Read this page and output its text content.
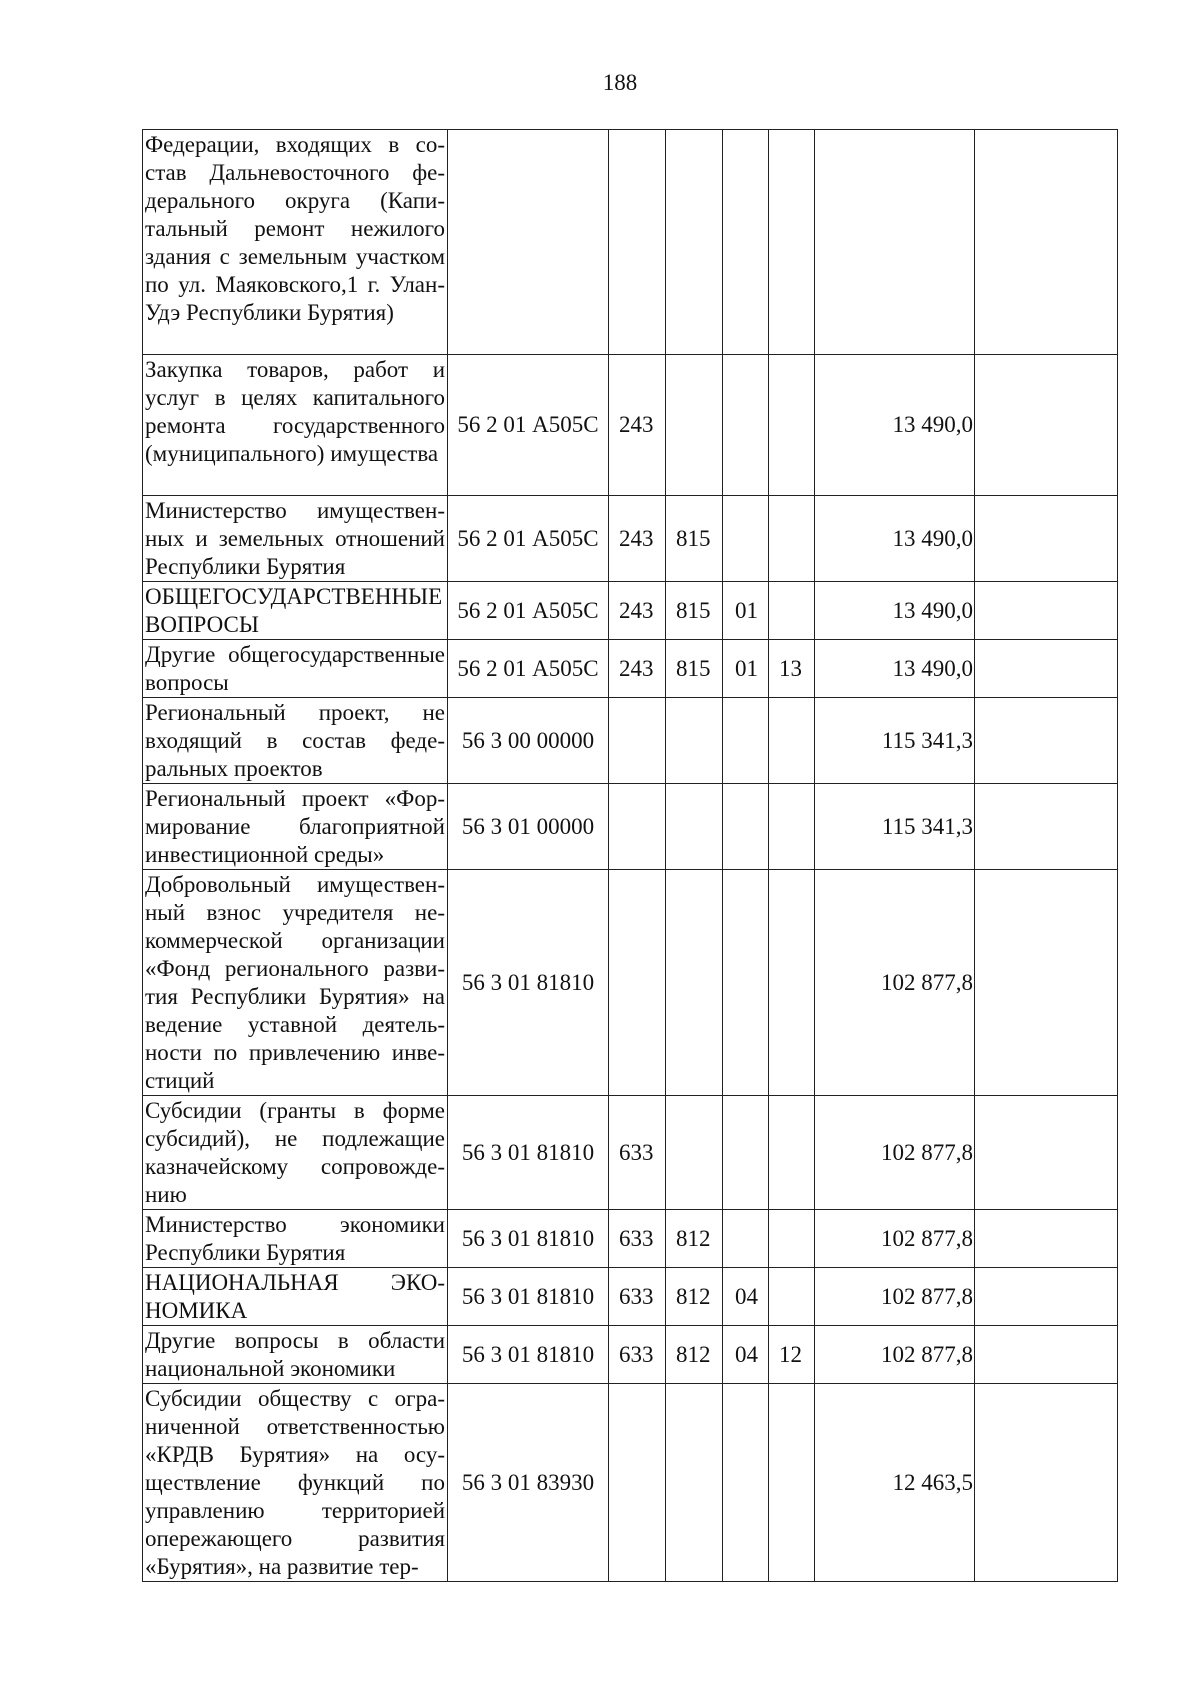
188
Федерации, входящих в состав Дальневосточного федерального округа (Капитальный ремонт нежилого здания с земельным участком по ул. Маяковского,1 г. Улан-Удэ Республики Бурятия)							
Закупка товаров, работ и услуг в целях капитального ремонта государственного (муниципального) имущества	56 2 01 А505С	243				13 490,0	
Министерство имущественных и земельных отношений Республики Бурятия	56 2 01 А505С	243	815			13 490,0	
ОБЩЕГОСУДАРСТВЕННЫЕ ВОПРОСЫ	56 2 01 А505С	243	815	01		13 490,0	
Другие общегосударственные вопросы	56 2 01 А505С	243	815	01	13	13 490,0	
Региональный проект, не входящий в состав федеральных проектов	56 3 00 00000					115 341,3	
Региональный проект «Формирование благоприятной инвестиционной среды»	56 3 01 00000					115 341,3	
Добровольный имущественный взнос учредителя некоммерческой организации «Фонд регионального развития Республики Бурятия» на ведение уставной деятельности по привлечению инвестиций	56 3 01 81810					102 877,8	
Субсидии (гранты в форме субсидий), не подлежащие казначейскому сопровождению	56 3 01 81810	633				102 877,8	
Министерство экономики Республики Бурятия	56 3 01 81810	633	812			102 877,8	
НАЦИОНАЛЬНАЯ ЭКОНОМИКА	56 3 01 81810	633	812	04		102 877,8	
Другие вопросы в области национальной экономики	56 3 01 81810	633	812	04	12	102 877,8	
Субсидии обществу с ограниченной ответственностью «КРДВ Бурятия» на осуществление функций по управлению территорией опережающего развития «Бурятия», на развитие тер-	56 3 01 83930					12 463,5	
